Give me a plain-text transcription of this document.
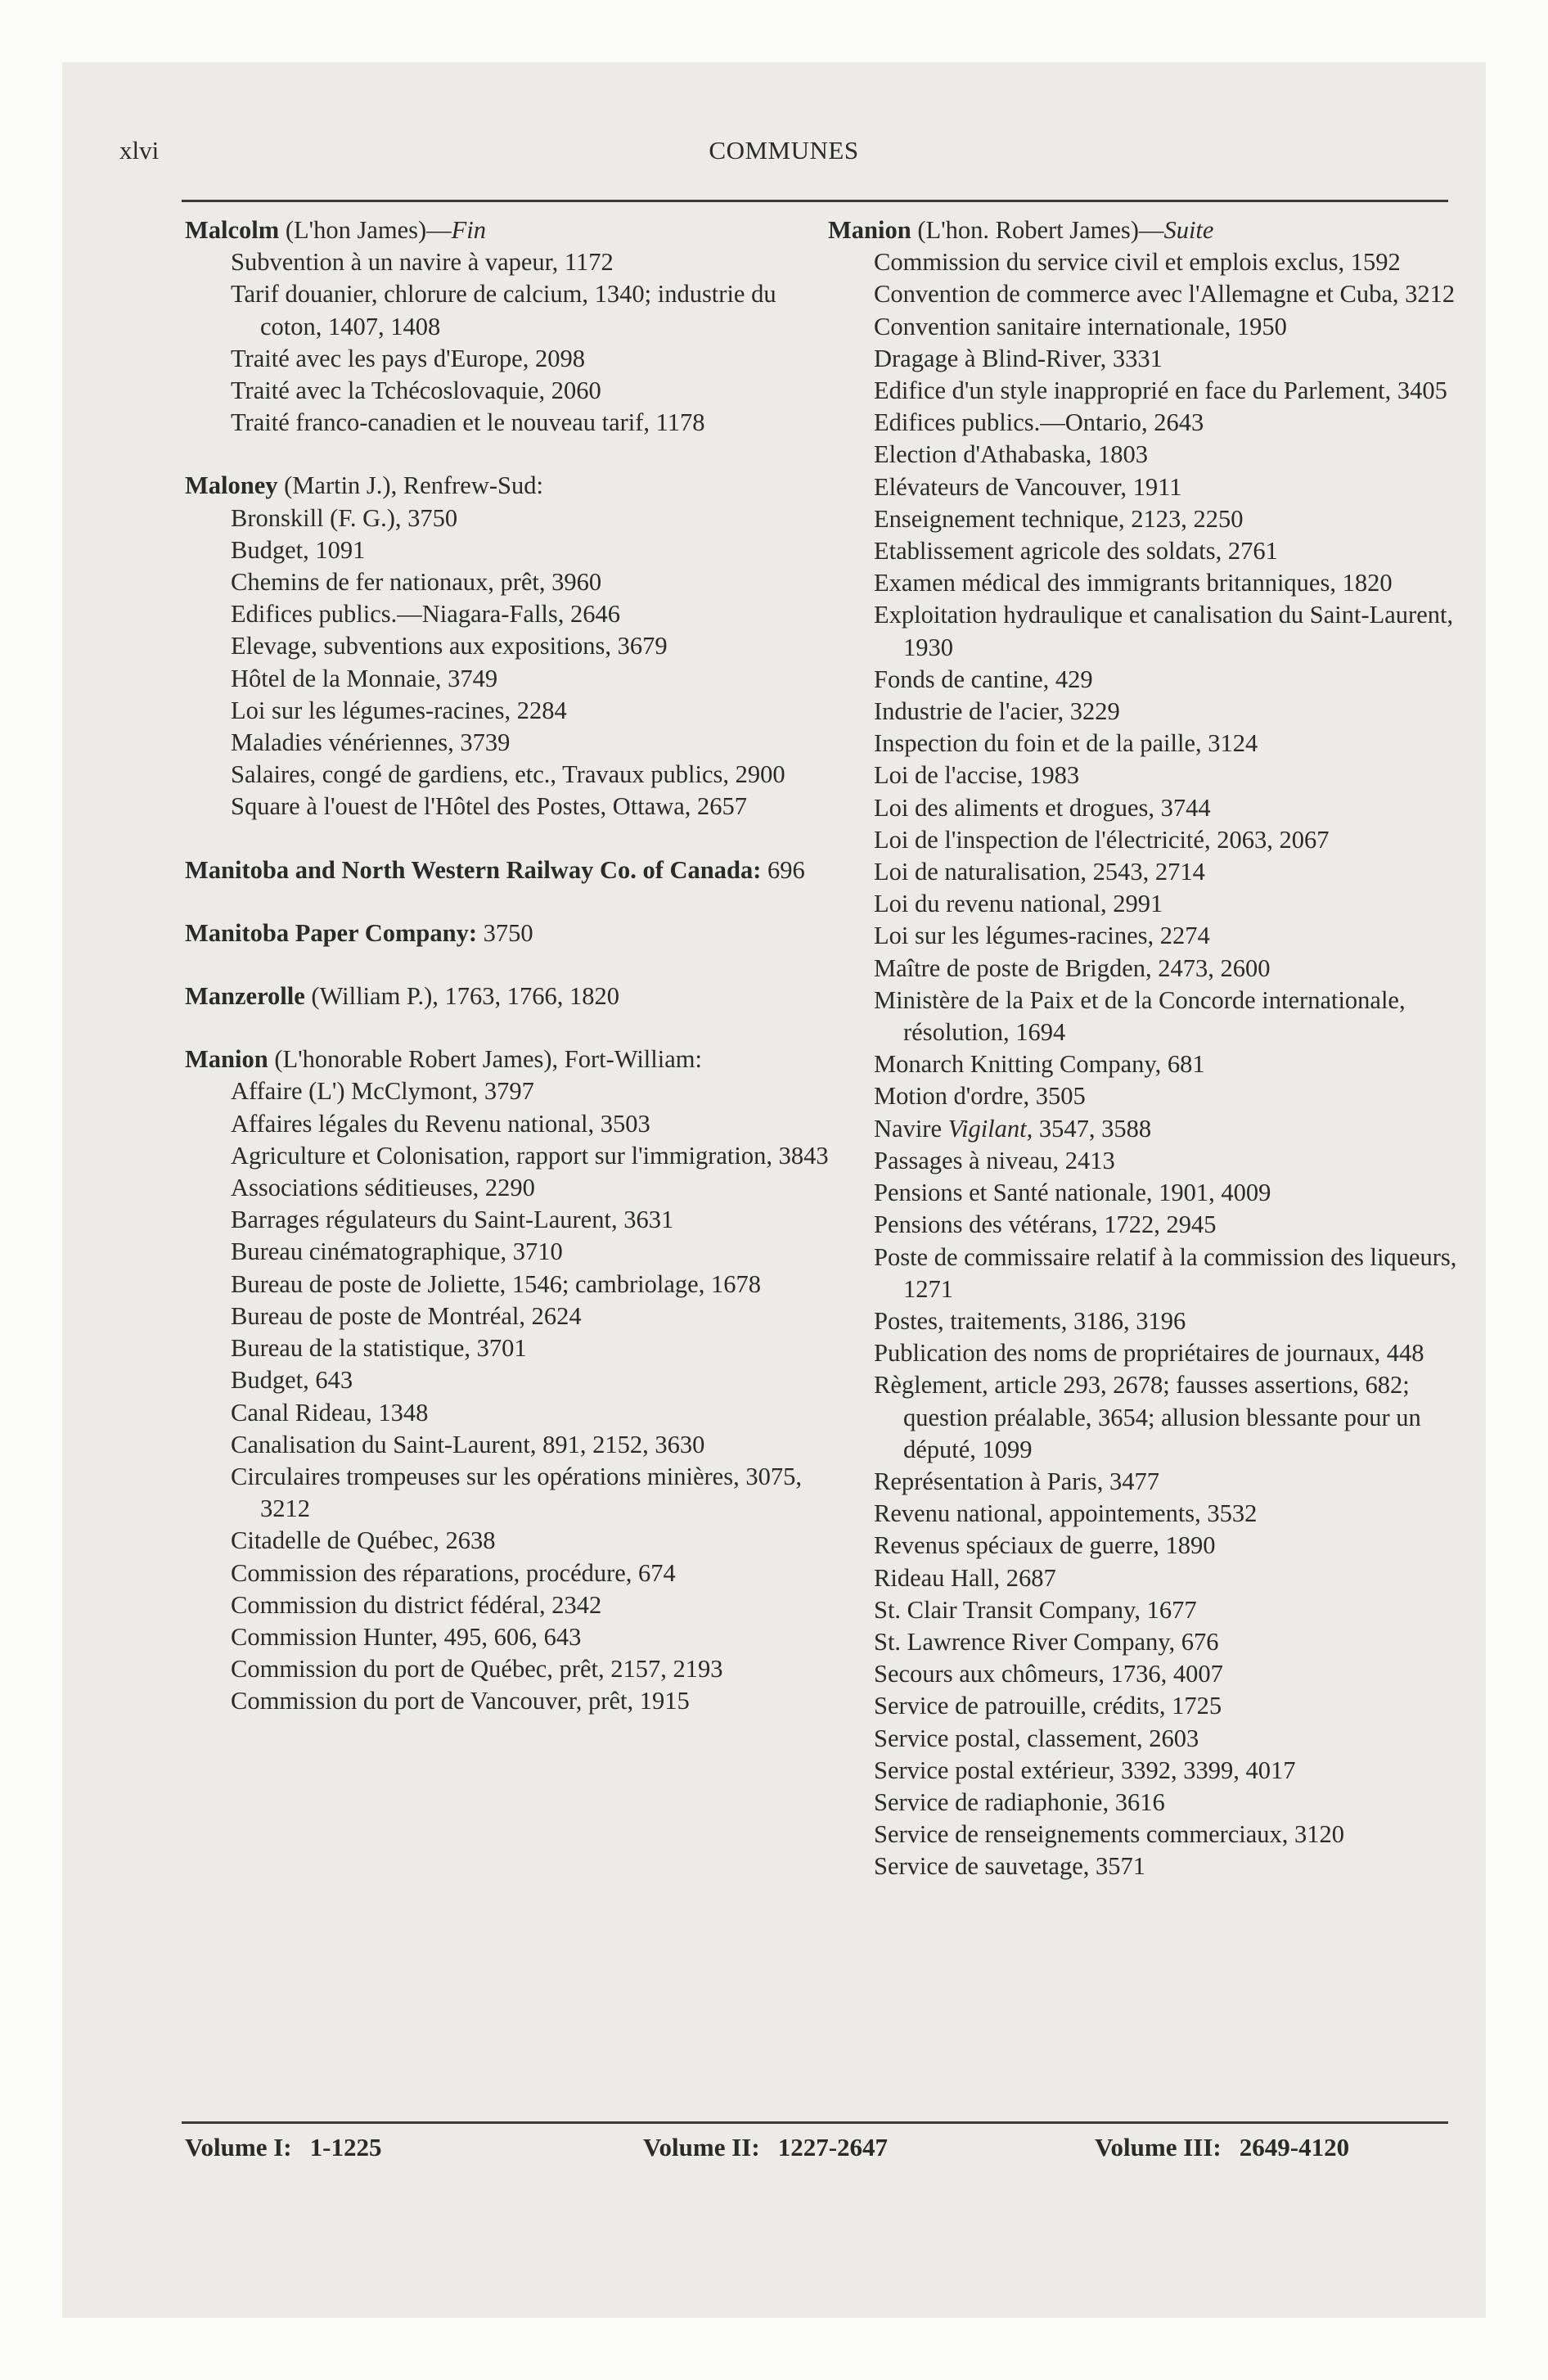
xlvi	COMMUNES
Malcolm (L'hon James)—Fin
Subvention à un navire à vapeur, 1172
Tarif douanier, chlorure de calcium, 1340; industrie du coton, 1407, 1408
Traité avec les pays d'Europe, 2098
Traité avec la Tchécoslovaquie, 2060
Traité franco-canadien et le nouveau tarif, 1178
Maloney (Martin J.), Renfrew-Sud:
Bronskill (F. G.), 3750
Budget, 1091
Chemins de fer nationaux, prêt, 3960
Edifices publics.—Niagara-Falls, 2646
Elevage, subventions aux expositions, 3679
Hôtel de la Monnaie, 3749
Loi sur les légumes-racines, 2284
Maladies vénériennes, 3739
Salaires, congé de gardiens, etc., Travaux publics, 2900
Square à l'ouest de l'Hôtel des Postes, Ottawa, 2657
Manitoba and North Western Railway Co. of Canada: 696
Manitoba Paper Company: 3750
Manzerolle (William P.), 1763, 1766, 1820
Manion (L'honorable Robert James), Fort-William:
Affaire (L') McClymont, 3797
Affaires légales du Revenu national, 3503
Agriculture et Colonisation, rapport sur l'immigration, 3843
Associations séditieuses, 2290
Barrages régulateurs du Saint-Laurent, 3631
Bureau cinématographique, 3710
Bureau de poste de Joliette, 1546; cambriolage, 1678
Bureau de poste de Montréal, 2624
Bureau de la statistique, 3701
Budget, 643
Canal Rideau, 1348
Canalisation du Saint-Laurent, 891, 2152, 3630
Circulaires trompeuses sur les opérations minières, 3075, 3212
Citadelle de Québec, 2638
Commission des réparations, procédure, 674
Commission du district fédéral, 2342
Commission Hunter, 495, 606, 643
Commission du port de Québec, prêt, 2157, 2193
Commission du port de Vancouver, prêt, 1915
Manion (L'hon. Robert James)—Suite
Commission du service civil et emplois exclus, 1592
Convention de commerce avec l'Allemagne et Cuba, 3212
Convention sanitaire internationale, 1950
Dragage à Blind-River, 3331
Edifice d'un style inapproprié en face du Parlement, 3405
Edifices publics.—Ontario, 2643
Election d'Athabaska, 1803
Elévateurs de Vancouver, 1911
Enseignement technique, 2123, 2250
Etablissement agricole des soldats, 2761
Examen médical des immigrants britanniques, 1820
Exploitation hydraulique et canalisation du Saint-Laurent, 1930
Fonds de cantine, 429
Industrie de l'acier, 3229
Inspection du foin et de la paille, 3124
Loi de l'accise, 1983
Loi des aliments et drogues, 3744
Loi de l'inspection de l'électricité, 2063, 2067
Loi de naturalisation, 2543, 2714
Loi du revenu national, 2991
Loi sur les légumes-racines, 2274
Maître de poste de Brigden, 2473, 2600
Ministère de la Paix et de la Concorde internationale, résolution, 1694
Monarch Knitting Company, 681
Motion d'ordre, 3505
Navire Vigilant, 3547, 3588
Passages à niveau, 2413
Pensions et Santé nationale, 1901, 4009
Pensions des vétérans, 1722, 2945
Poste de commissaire relatif à la commission des liqueurs, 1271
Postes, traitements, 3186, 3196
Publication des noms de propriétaires de journaux, 448
Règlement, article 293, 2678; fausses assertions, 682; question préalable, 3654; allusion blessante pour un député, 1099
Représentation à Paris, 3477
Revenu national, appointements, 3532
Revenus spéciaux de guerre, 1890
Rideau Hall, 2687
St. Clair Transit Company, 1677
St. Lawrence River Company, 676
Secours aux chômeurs, 1736, 4007
Service de patrouille, crédits, 1725
Service postal, classement, 2603
Service postal extérieur, 3392, 3399, 4017
Service de radiaphonie, 3616
Service de renseignements commerciaux, 3120
Service de sauvetage, 3571
Volume I: 1-1225	Volume II: 1227-2647	Volume III: 2649-4120
